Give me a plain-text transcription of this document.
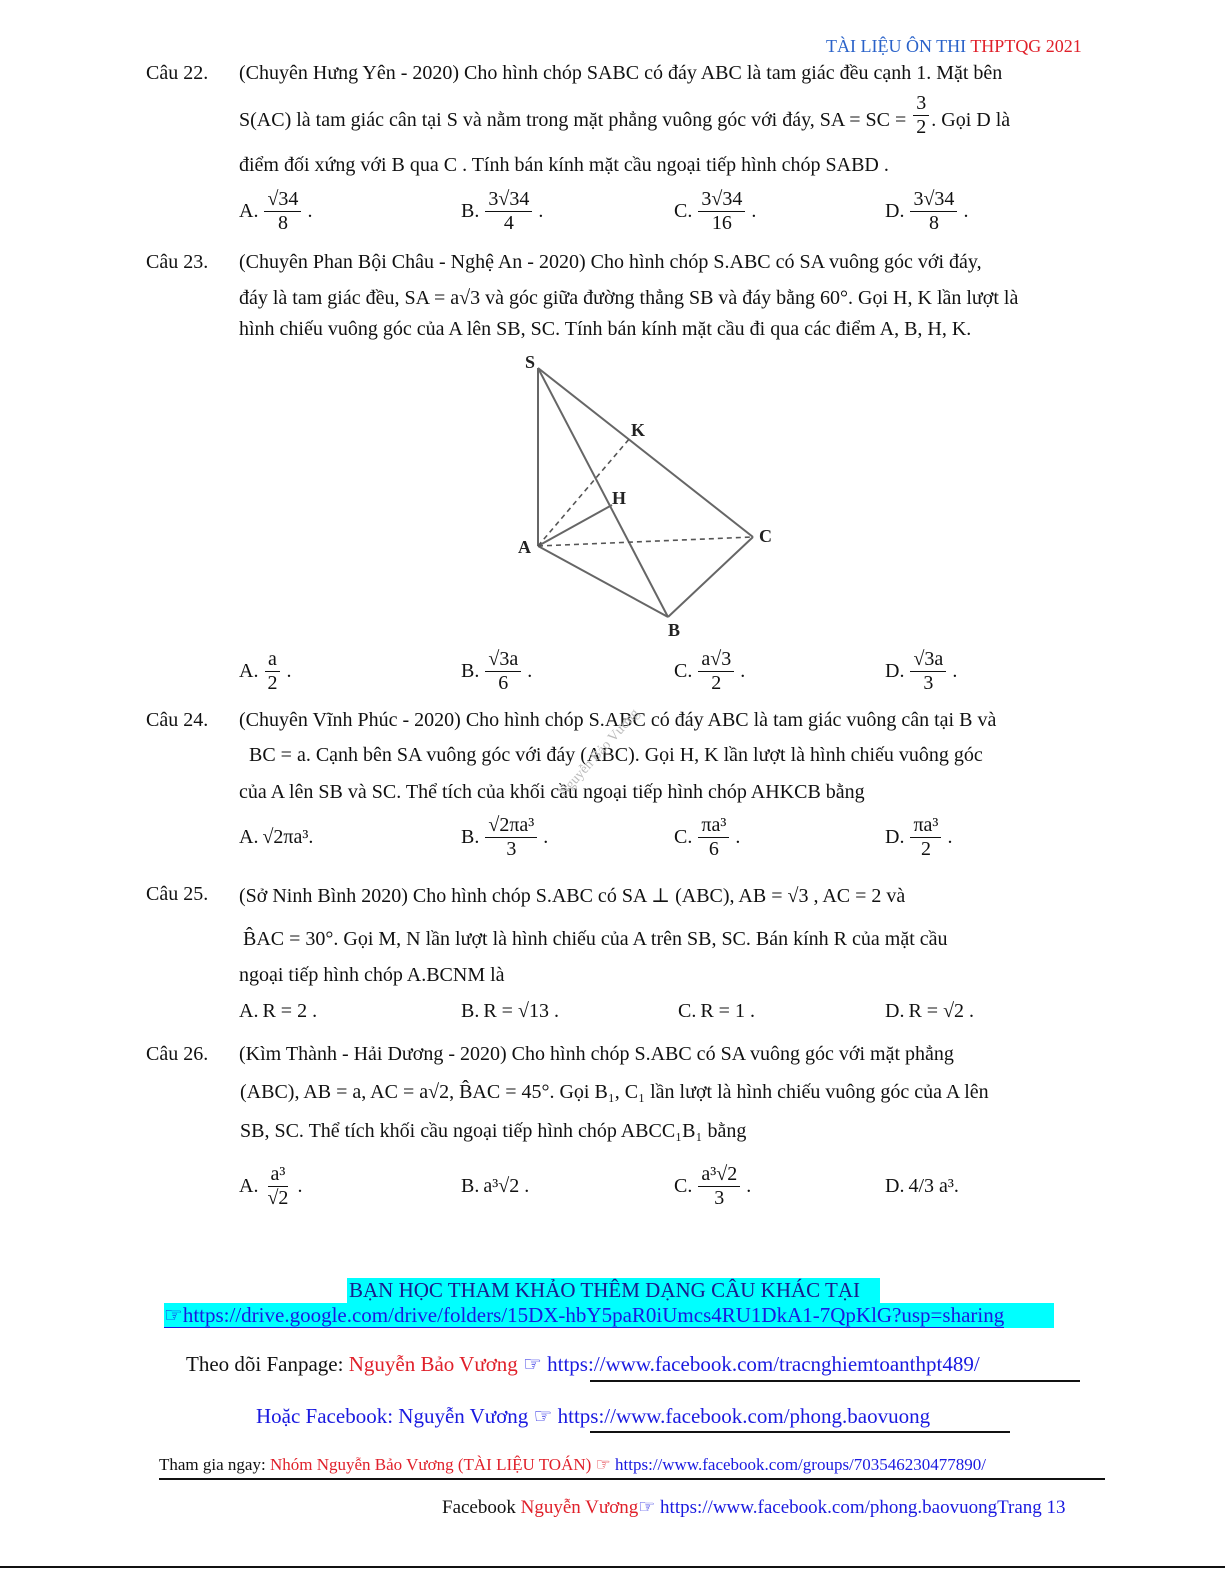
TÀI LIỆU ÔN THI THPTQG 2021
Câu 22. (Chuyên Hưng Yên - 2020) Cho hình chóp SABC có đáy ABC là tam giác đều cạnh 1. Mặt bên
S(AC) là tam giác cân tại S và nằm trong mặt phẳng vuông góc với đáy, SA = SC = $\frac{3}{2}$ . Gọi D là
điểm đối xứng với B qua C . Tính bán kính mặt cầu ngoại tiếp hình chóp SABD .
A. $\frac{√34}{8}$ .	B. $\frac{3√34}{4}$ .	C. $\frac{3√34}{16}$ .	D. $\frac{3√34}{8}$ .
Câu 23. (Chuyên Phan Bội Châu - Nghệ An - 2020) Cho hình chóp S.ABC có SA vuông góc với đáy,
đáy là tam giác đều, SA = a√3 và góc giữa đường thẳng SB và đáy bằng 60°. Gọi H, K lần lượt là
hình chiếu vuông góc của A lên SB, SC. Tính bán kính mặt cầu đi qua các điểm A, B, H, K.
A. $\frac{a}{2}$ .	B. $\frac{√3a}{6}$ .	C. $\frac{a√3}{2}$ .	D. $\frac{√3a}{3}$ .
S
K
H
A
C
B
Câu 24. (Chuyên Vĩnh Phúc - 2020) Cho hình chóp S.ABC có đáy ABC là tam giác vuông cân tại B và
BC = a. Cạnh bên SA vuông góc với đáy (ABC). Gọi H, K lần lượt là hình chiếu vuông góc
của A lên SB và SC. Thể tích của khối cầu ngoại tiếp hình chóp AHKCB bằng
A. √2πa³.	B. $\frac{\text{√2πa³}}{3}$ .	C. $\frac{\text{πa³}}{6}$ .	D. $\frac{\text{πa³}}{2}$ .
Nguyễn Bảo Vương
Câu 25. (Sở Ninh Bình 2020) Cho hình chóp S.ABC có SA ⊥ (ABC), AB = √3 , AC = 2 và
B̂AC = 30°. Gọi M, N lần lượt là hình chiếu của A trên SB, SC. Bán kính R của mặt cầu
ngoại tiếp hình chóp A.BCNM là
A. R = 2 .	B. R = √13 .	C. R = 1 .	D. R = √2 .
Câu 26. (Kìm Thành - Hải Dương - 2020) Cho hình chóp S.ABC có SA vuông góc với mặt phẳng
(ABC), AB = a, AC = a√2, B̂AC = 45°. Gọi B₁, C₁ lần lượt là hình chiếu vuông góc của A lên
SB, SC. Thể tích khối cầu ngoại tiếp hình chóp ABCC₁B₁ bằng
A. $\frac{\text{a³}}{√2}$ .	B. a³√2 .	C. $\frac{\text{a³√2}}{3}$ .	D. 4/3 a³.
BẠN HỌC THAM KHẢO THÊM DẠNG CÂU KHÁC TẠI
☞https://drive.google.com/drive/folders/15DX-hbY5paR0iUmcs4RU1DkA1-7QpKlG?usp=sharing
Theo dõi Fanpage: Nguyễn Bảo Vương ☞ https://www.facebook.com/tracnghiemtoanthpt489/
Hoặc Facebook: Nguyễn Vương ☞ https://www.facebook.com/phong.baovuong
Tham gia ngay: Nhóm Nguyễn Bảo Vương (TÀI LIỆU TOÁN) ☞ https://www.facebook.com/groups/703546230477890/
Facebook Nguyễn Vương☞ https://www.facebook.com/phong.baovuongTrang 13
